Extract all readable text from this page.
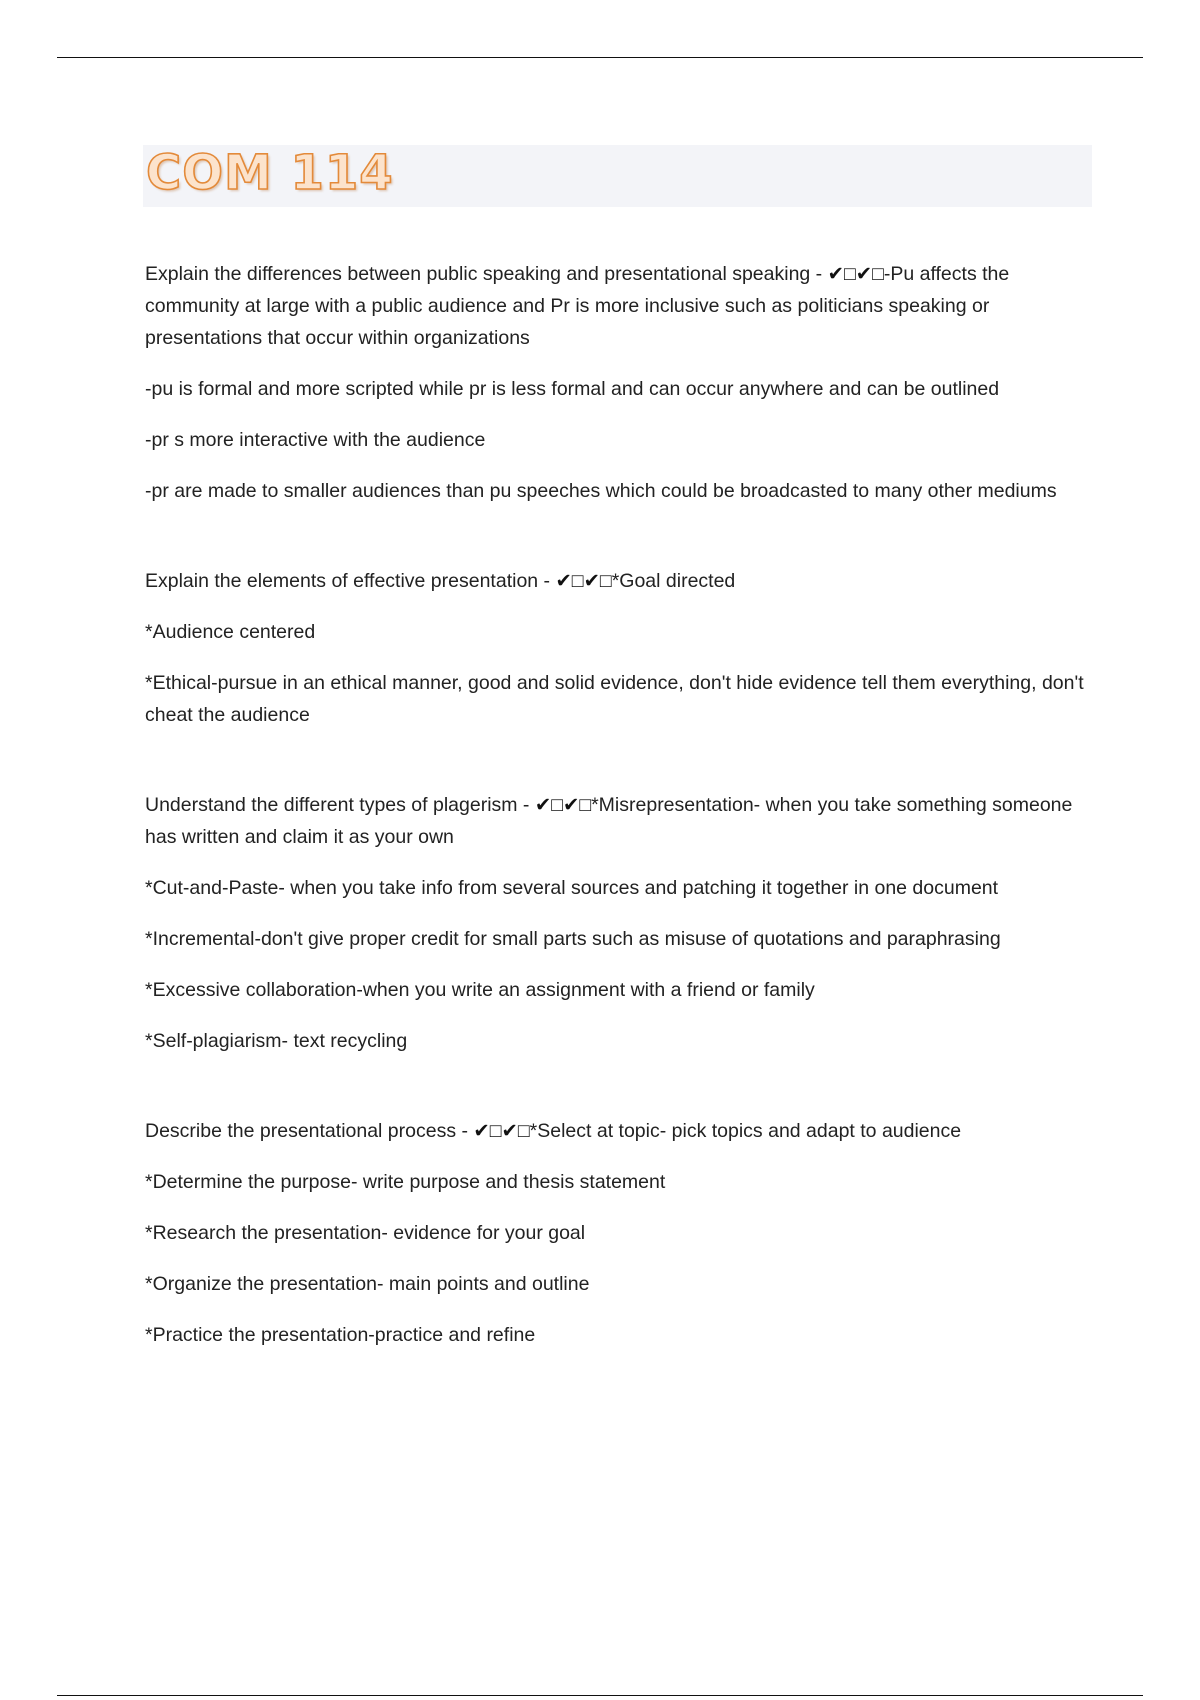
COM 114

Explain the differences between public speaking and presentational speaking - ✔□✔□-Pu affects the community at large with a public audience and Pr is more inclusive such as politicians speaking or presentations that occur within organizations

-pu is formal and more scripted while pr is less formal and can occur anywhere and can be outlined

-pr s more interactive with the audience

-pr are made to smaller audiences than pu speeches which could be broadcasted to many other mediums

Explain the elements of effective presentation - ✔□✔□*Goal directed

*Audience centered

*Ethical-pursue in an ethical manner, good and solid evidence, don't hide evidence tell them everything, don't cheat the audience

Understand the different types of plagerism - ✔□✔□*Misrepresentation- when you take something someone has written and claim it as your own

*Cut-and-Paste- when you take info from several sources and patching it together in one document

*Incremental-don't give proper credit for small parts such as misuse of quotations and paraphrasing

*Excessive collaboration-when you write an assignment with a friend or family

*Self-plagiarism- text recycling

Describe the presentational process - ✔□✔□*Select at topic- pick topics and adapt to audience

*Determine the purpose- write purpose and thesis statement

*Research the presentation- evidence for your goal

*Organize the presentation- main points and outline

*Practice the presentation-practice and refine
